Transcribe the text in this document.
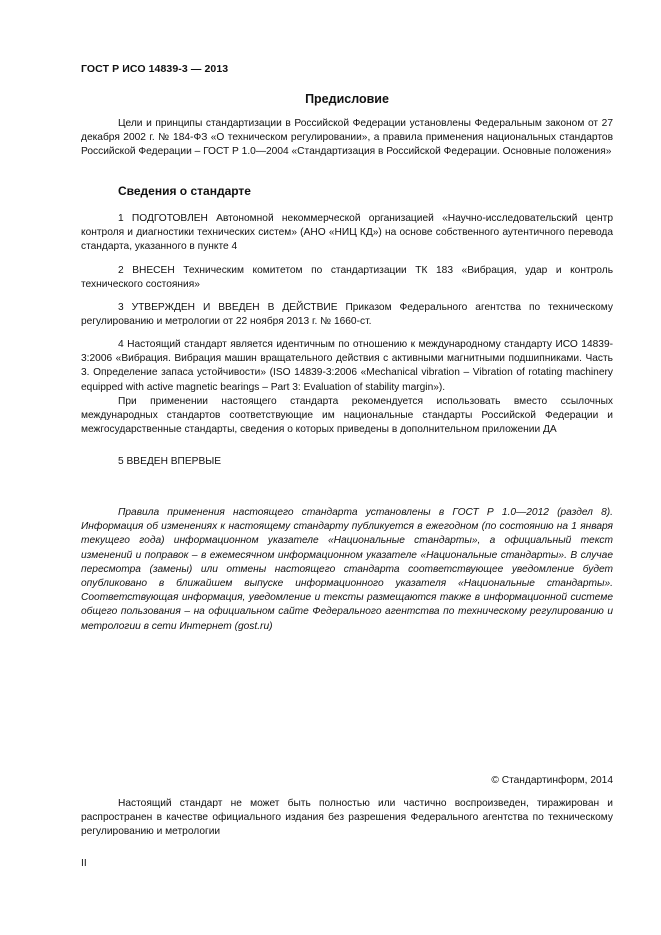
ГОСТ Р ИСО 14839-3 — 2013
Предисловие

Цели и принципы стандартизации в Российской Федерации установлены Федеральным законом от 27 декабря 2002 г. № 184-ФЗ «О техническом регулировании», а правила применения национальных стандартов Российской Федерации – ГОСТ Р 1.0—2004 «Стандартизация в Российской Федерации. Основные положения»

Сведения о стандарте

1 ПОДГОТОВЛЕН Автономной некоммерческой организацией «Научно-исследовательский центр контроля и диагностики технических систем» (АНО «НИЦ КД») на основе собственного аутентичного перевода стандарта, указанного в пункте 4

2 ВНЕСЕН Техническим комитетом по стандартизации ТК 183 «Вибрация, удар и контроль технического состояния»

3 УТВЕРЖДЕН И ВВЕДЕН В ДЕЙСТВИЕ Приказом Федерального агентства по техническому регулированию и метрологии от 22 ноября 2013 г. № 1660-ст.

4 Настоящий стандарт является идентичным по отношению к международному стандарту ИСО 14839-3:2006 «Вибрация. Вибрация машин вращательного действия с активными магнитными подшипниками. Часть 3. Определение запаса устойчивости» (ISO 14839-3:2006 «Mechanical vibration – Vibration of rotating machinery equipped with active magnetic bearings – Part 3: Evaluation of stability margin»).

При применении настоящего стандарта рекомендуется использовать вместо ссылочных международных стандартов соответствующие им национальные стандарты Российской Федерации и межгосударственные стандарты, сведения о которых приведены в дополнительном приложении ДА

5 ВВЕДЕН ВПЕРВЫЕ

Правила применения настоящего стандарта установлены в ГОСТ Р 1.0—2012 (раздел 8). Информация об изменениях к настоящему стандарту публикуется в ежегодном (по состоянию на 1 января текущего года) информационном указателе «Национальные стандарты», а официальный текст изменений и поправок – в ежемесячном информационном указателе «Национальные стандарты». В случае пересмотра (замены) или отмены настоящего стандарта соответствующее уведомление будет опубликовано в ближайшем выпуске информационного указателя «Национальные стандарты». Соответствующая информация, уведомление и тексты размещаются также в информационной системе общего пользования – на официальном сайте Федерального агентства по техническому регулированию и метрологии в сети Интернет (gost.ru)

© Стандартинформ, 2014

Настоящий стандарт не может быть полностью или частично воспроизведен, тиражирован и распространен в качестве официального издания без разрешения Федерального агентства по техническому регулированию и метрологии

II
